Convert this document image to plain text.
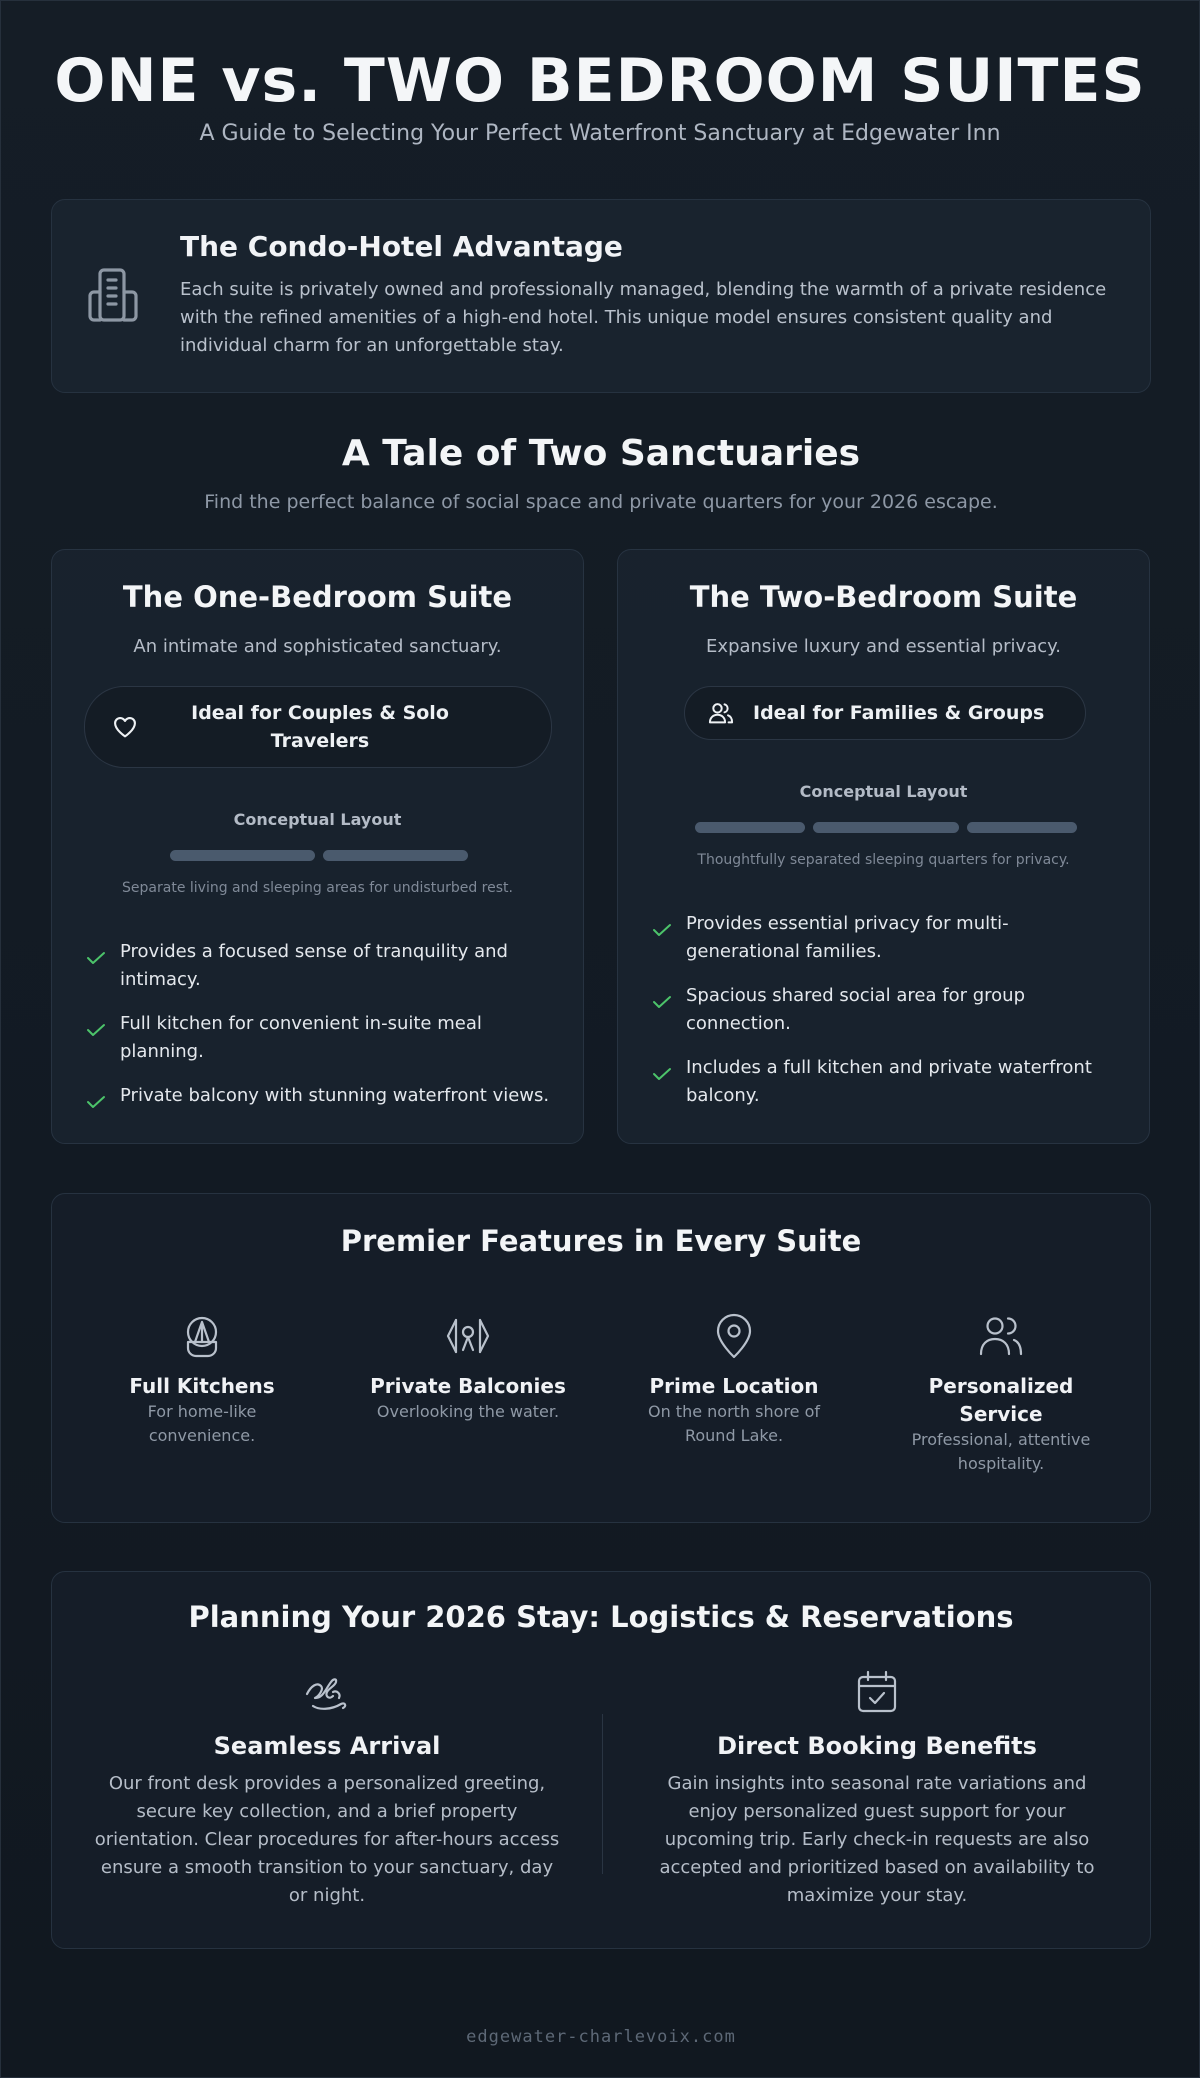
ONE vs. TWO BEDROOM SUITES
A Guide to Selecting Your Perfect Waterfront Sanctuary at Edgewater Inn
The Condo-Hotel Advantage
Each suite is privately owned and professionally managed, blending the warmth of a private residence with the refined amenities of a high-end hotel. This unique model ensures consistent quality and individual charm for an unforgettable stay.
A Tale of Two Sanctuaries
Find the perfect balance of social space and private quarters for your 2026 escape.
The One-Bedroom Suite
An intimate and sophisticated sanctuary.
Ideal for Couples & Solo Travelers
Conceptual Layout
Separate living and sleeping areas for undisturbed rest.
Provides a focused sense of tranquility and intimacy.
Full kitchen for convenient in-suite meal planning.
Private balcony with stunning waterfront views.
The Two-Bedroom Suite
Expansive luxury and essential privacy.
Ideal for Families & Groups
Conceptual Layout
Thoughtfully separated sleeping quarters for privacy.
Provides essential privacy for multi-generational families.
Spacious shared social area for group connection.
Includes a full kitchen and private waterfront balcony.
Premier Features in Every Suite
Full Kitchens
For home-like convenience.
Private Balconies
Overlooking the water.
Prime Location
On the north shore of Round Lake.
Personalized Service
Professional, attentive hospitality.
Planning Your 2026 Stay: Logistics & Reservations
Seamless Arrival
Our front desk provides a personalized greeting, secure key collection, and a brief property orientation. Clear procedures for after-hours access ensure a smooth transition to your sanctuary, day or night.
Direct Booking Benefits
Gain insights into seasonal rate variations and enjoy personalized guest support for your upcoming trip. Early check-in requests are also accepted and prioritized based on availability to maximize your stay.
edgewater-charlevoix.com
